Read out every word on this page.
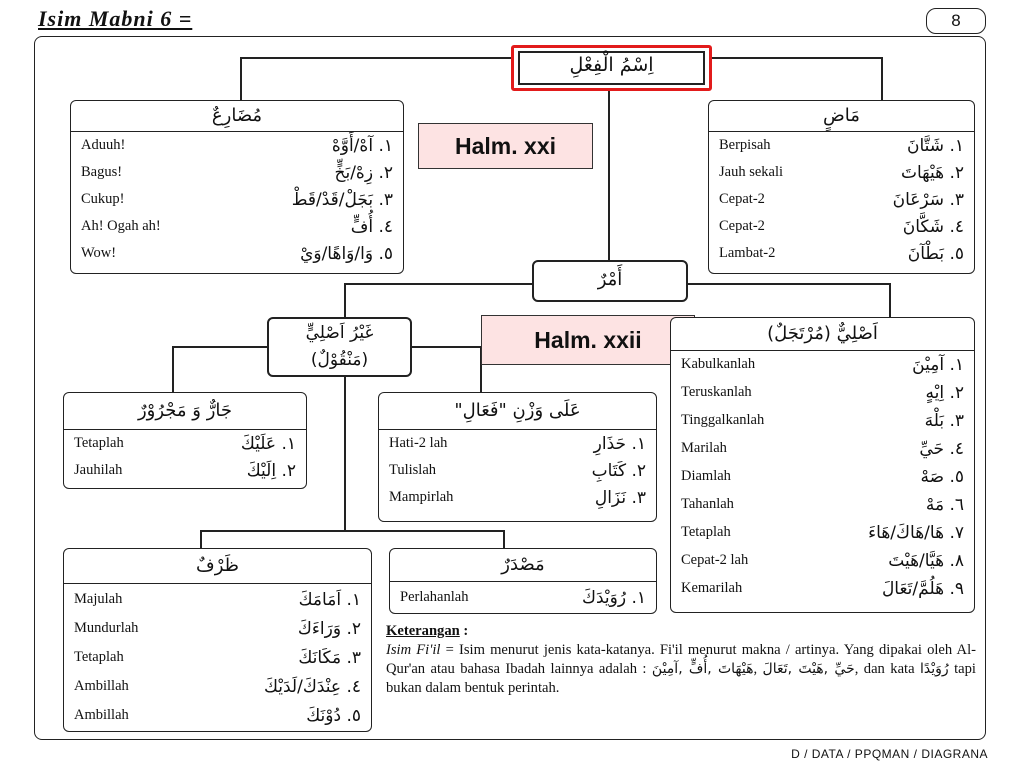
Isim Mabni 6 =	8
اِسْمُ الْفِعْلِ
Halm. xxi
Halm. xxii
مُضَارِعٌ
Aduuh!	١. آهْ/أَوَّهْ
Bagus!	٢. زِهْ/بَخٍّ
Cukup!	٣. بَجَلْ/قَدْ/قَطْ
Ah! Ogah ah!	٤. أُفٍّ
Wow!	٥. وَا/وَاهًا/وَيْ
مَاضٍ
Berpisah	١. شَتَّانَ
Jauh sekali	٢. هَيْهَاتَ
Cepat-2	٣. سَرْعَانَ
Cepat-2	٤. شَكَّانَ
Lambat-2	٥. بَطْآنَ
أَمْرٌ
غَيْرُ اَصْلِيٍّ
(مَنْقُوْلٌ)
اَصْلِيٌّ (مُرْتَجَلٌ)
Kabulkanlah	١. آمِيْنَ
Teruskanlah	٢. اِيْهٍ
Tinggalkanlah	٣. بَلْهَ
Marilah	٤. حَيِّ
Diamlah	٥. صَهْ
Tahanlah	٦. مَهْ
Tetaplah	٧. هَا/هَاكَ/هَاءَ
Cepat-2 lah	٨. هَيَّا/هَيْتَ
Kemarilah	٩. هَلُمَّ/تَعَالَ
جَارٌّ وَ مَجْرُوْرٌ
Tetaplah	١. عَلَيْكَ
Jauhilah	٢. اِلَيْكَ
عَلَى وَزْنِ "فَعَالِ"
Hati-2 lah	١. حَذَارِ
Tulislah	٢. كَتَابِ
Mampirlah	٣. نَزَالِ
ظَرْفٌ
Majulah	١. اَمَامَكَ
Mundurlah	٢. وَرَاءَكَ
Tetaplah	٣. مَكَانَكَ
Ambillah	٤. عِنْدَكَ/لَدَيْكَ
Ambillah	٥. دُوْنَكَ
مَصْدَرٌ
Perlahanlah	١. رُوَيْدَكَ
Keterangan :
Isim Fi'il = Isim menurut jenis kata-katanya. Fi'il menurut makna / artinya. Yang dipakai oleh Al-Qur'an atau bahasa Ibadah lainnya adalah : هَيْهَاتَ ,أُفٍّ ,آمِيْنَ, حَيِّ ,هَيْتَ ,تَعَالَ, dan kata رُوَيْدًا tapi bukan dalam bentuk perintah.
D / DATA / PPQMAN / DIAGRANA
